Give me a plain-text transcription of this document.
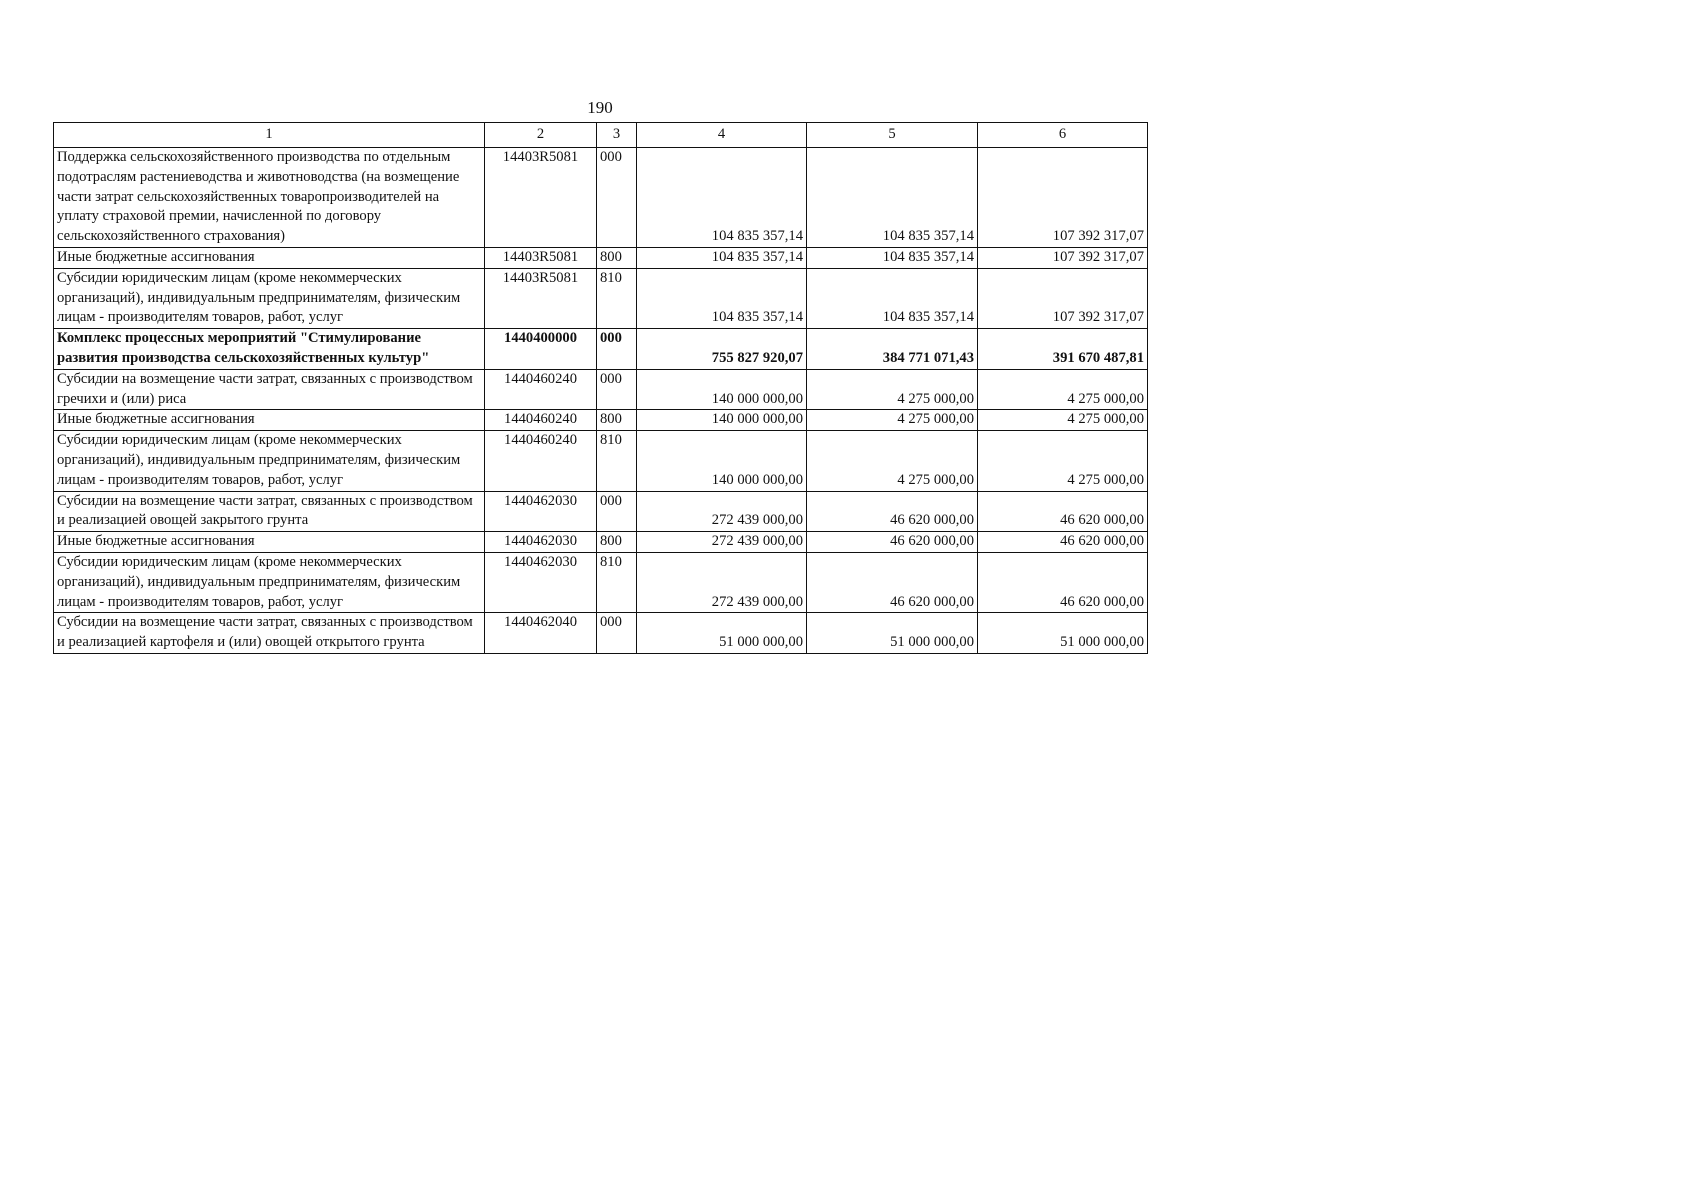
190
1	2	3	4	5	6
Поддержка сельскохозяйственного производства по отдельным подотраслям растениеводства и животноводства (на возмещение части затрат сельскохозяйственных товаропроизводителей на уплату страховой премии, начисленной по договору сельскохозяйственного страхования)	14403R5081	000	104 835 357,14	104 835 357,14	107 392 317,07
Иные бюджетные ассигнования	14403R5081	800	104 835 357,14	104 835 357,14	107 392 317,07
Субсидии юридическим лицам (кроме некоммерческих организаций), индивидуальным предпринимателям, физическим лицам - производителям товаров, работ, услуг	14403R5081	810	104 835 357,14	104 835 357,14	107 392 317,07
Комплекс процессных мероприятий "Стимулирование развития производства сельскохозяйственных культур"	1440400000	000	755 827 920,07	384 771 071,43	391 670 487,81
Субсидии на возмещение части затрат, связанных с производством гречихи и (или) риса	1440460240	000	140 000 000,00	4 275 000,00	4 275 000,00
Иные бюджетные ассигнования	1440460240	800	140 000 000,00	4 275 000,00	4 275 000,00
Субсидии юридическим лицам (кроме некоммерческих организаций), индивидуальным предпринимателям, физическим лицам - производителям товаров, работ, услуг	1440460240	810	140 000 000,00	4 275 000,00	4 275 000,00
Субсидии на возмещение части затрат, связанных с производством и реализацией овощей закрытого грунта	1440462030	000	272 439 000,00	46 620 000,00	46 620 000,00
Иные бюджетные ассигнования	1440462030	800	272 439 000,00	46 620 000,00	46 620 000,00
Субсидии юридическим лицам (кроме некоммерческих организаций), индивидуальным предпринимателям, физическим лицам - производителям товаров, работ, услуг	1440462030	810	272 439 000,00	46 620 000,00	46 620 000,00
Субсидии на возмещение части затрат, связанных с производством и реализацией картофеля и (или) овощей открытого грунта	1440462040	000	51 000 000,00	51 000 000,00	51 000 000,00
